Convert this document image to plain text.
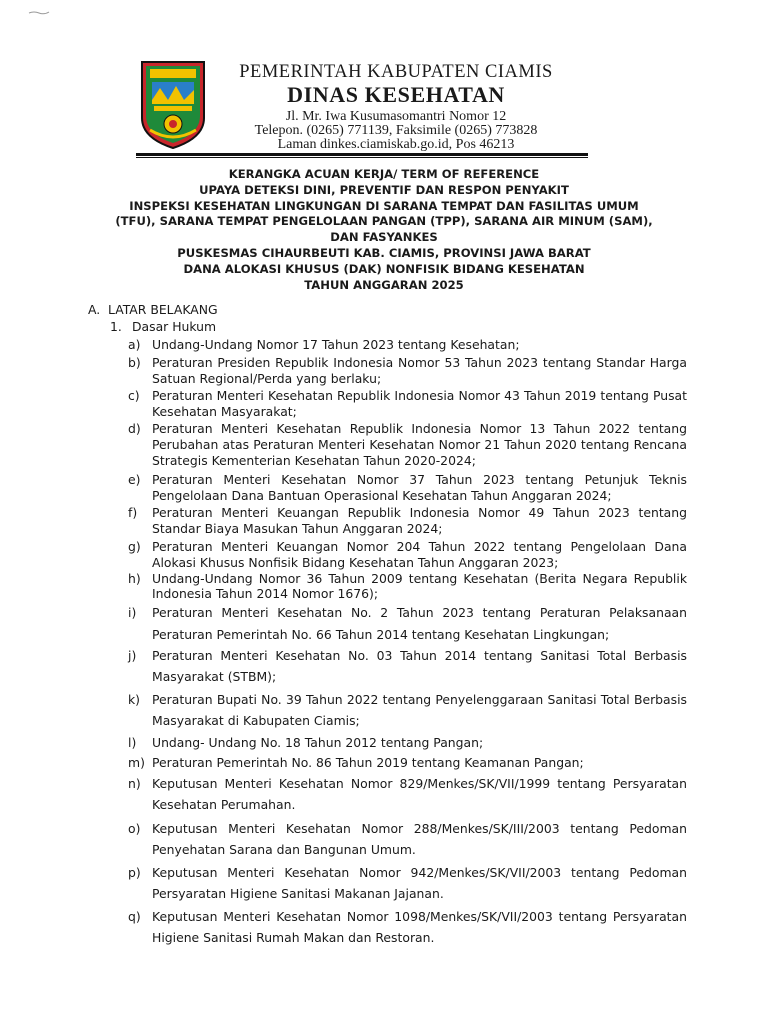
PEMERINTAH KABUPATEN CIAMIS
DINAS KESEHATAN
Jl. Mr. Iwa Kusumasomantri Nomor 12
Telepon. (0265) 771139, Faksimile (0265) 773828
Laman dinkes.ciamiskab.go.id, Pos 46213
KERANGKA ACUAN KERJA/ TERM OF REFERENCE
UPAYA DETEKSI DINI, PREVENTIF DAN RESPON PENYAKIT
INSPEKSI KESEHATAN LINGKUNGAN DI SARANA TEMPAT DAN FASILITAS UMUM
(TFU), SARANA TEMPAT PENGELOLAAN PANGAN (TPP), SARANA AIR MINUM (SAM),
DAN FASYANKES
PUSKESMAS CIHAURBEUTI KAB. CIAMIS, PROVINSI JAWA BARAT
DANA ALOKASI KHUSUS (DAK) NONFISIK BIDANG KESEHATAN
TAHUN ANGGARAN 2025
A. LATAR BELAKANG
1. Dasar Hukum
a) Undang-Undang Nomor 17 Tahun 2023 tentang Kesehatan;
b) Peraturan Presiden Republik Indonesia Nomor 53 Tahun 2023 tentang Standar Harga
Satuan Regional/Perda yang berlaku;
c) Peraturan Menteri Kesehatan Republik Indonesia Nomor 43 Tahun 2019 tentang Pusat
Kesehatan Masyarakat;
d) Peraturan Menteri Kesehatan Republik Indonesia Nomor 13 Tahun 2022 tentang
Perubahan atas Peraturan Menteri Kesehatan Nomor 21 Tahun 2020 tentang Rencana
Strategis Kementerian Kesehatan Tahun 2020-2024;
e) Peraturan Menteri Kesehatan Nomor 37 Tahun 2023 tentang Petunjuk Teknis
Pengelolaan Dana Bantuan Operasional Kesehatan Tahun Anggaran 2024;
f) Peraturan Menteri Keuangan Republik Indonesia Nomor 49 Tahun 2023 tentang
Standar Biaya Masukan Tahun Anggaran 2024;
g) Peraturan Menteri Keuangan Nomor 204 Tahun 2022 tentang Pengelolaan Dana
Alokasi Khusus Nonfisik Bidang Kesehatan Tahun Anggaran 2023;
h) Undang-Undang Nomor 36 Tahun 2009 tentang Kesehatan (Berita Negara Republik
Indonesia Tahun 2014 Nomor 1676);
i) Peraturan Menteri Kesehatan No. 2 Tahun 2023 tentang Peraturan Pelaksanaan
Peraturan Pemerintah No. 66 Tahun 2014 tentang Kesehatan Lingkungan;
j) Peraturan Menteri Kesehatan No. 03 Tahun 2014 tentang Sanitasi Total Berbasis
Masyarakat (STBM);
k) Peraturan Bupati No. 39 Tahun 2022 tentang Penyelenggaraan Sanitasi Total Berbasis
Masyarakat di Kabupaten Ciamis;
l) Undang- Undang No. 18 Tahun 2012 tentang Pangan;
m) Peraturan Pemerintah No. 86 Tahun 2019 tentang Keamanan Pangan;
n) Keputusan Menteri Kesehatan Nomor 829/Menkes/SK/VII/1999 tentang Persyaratan
Kesehatan Perumahan.
o) Keputusan Menteri Kesehatan Nomor 288/Menkes/SK/III/2003 tentang Pedoman
Penyehatan Sarana dan Bangunan Umum.
p) Keputusan Menteri Kesehatan Nomor 942/Menkes/SK/VII/2003 tentang Pedoman
Persyaratan Higiene Sanitasi Makanan Jajanan.
q) Keputusan Menteri Kesehatan Nomor 1098/Menkes/SK/VII/2003 tentang Persyaratan
Higiene Sanitasi Rumah Makan dan Restoran.
